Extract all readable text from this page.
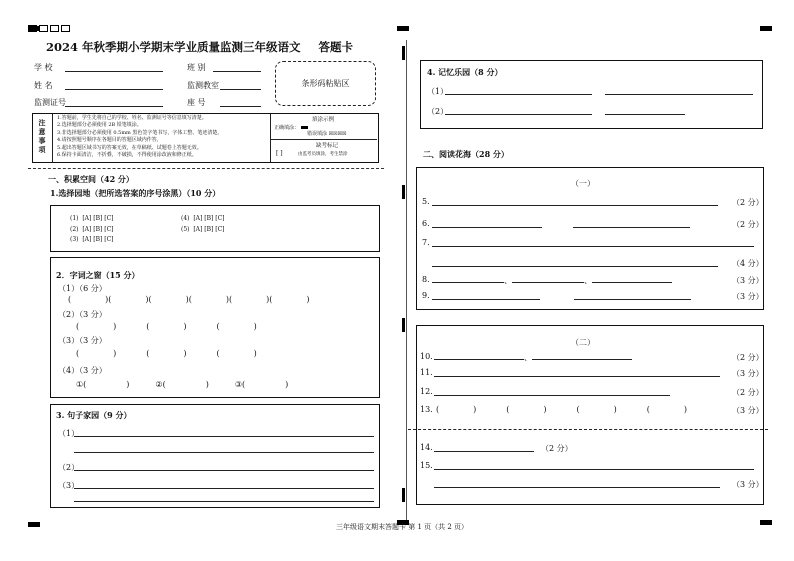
2024 年秋季期小学期末学业质量监测三年级语文 答题卡
学 校	班 别
姓 名	监测教室
监测证号	座 号
条形码粘贴区
注意事项
1.答题前，学生先将自己的学校、姓名、监测证号等信息填写清楚。
2.选择题部分必须使用 2B 铅笔填涂。
3.非选择题部分必须使用 0.5mm 黑色签字笔书写，字体工整、笔迹清楚。
4.请按照题号顺序在各题目的答题区域内作答，
5.超出答题区域书写的答案无效，在草稿纸、试题卷上答题无效。
6.保持卡面清洁，不折叠，不破损，不得使用涂改液和修正纸。
填涂示例
正确填涂：
错误填涂 ☒☒☒☒
缺考标记
[ ]	由监考员填涂，考生禁涂
一、积累空间（42 分）
1.选择园地（把所选答案的序号涂黑）（10 分）
(1) [A] [B] [C]
(2) [A] [B] [C]
(3) [A] [B] [C]
(4) [A] [B] [C]
(5) [A] [B] [C]
2．字词之窗（15 分）
（1）（6 分）
(	)(	)(	)(	)(	)(	)
（2）（3 分）
(	)	(	)	(	)
（3）（3 分）
(	)	(	)	(	)
（4）（3 分）
①(	)	②(	)	③(	)
3. 句子家园（9 分）
（1）
（2）
（3）
4. 记忆乐园（8 分）
（1）
（2）
二、阅读花海（28 分）
（一）
5.	（2 分）
6.	（2 分）
7.
（4 分）
8.	、	、	（3 分）
9.	（3 分）
（二）
10.	、	（2 分）
11.	（3 分）
12.	（2 分）
13. (	)	(	)	(	)	(	)	（3 分）
14.	（2 分）
15.
（3 分）
三年级语文期末答题卡 第 1 页（共 2 页）
